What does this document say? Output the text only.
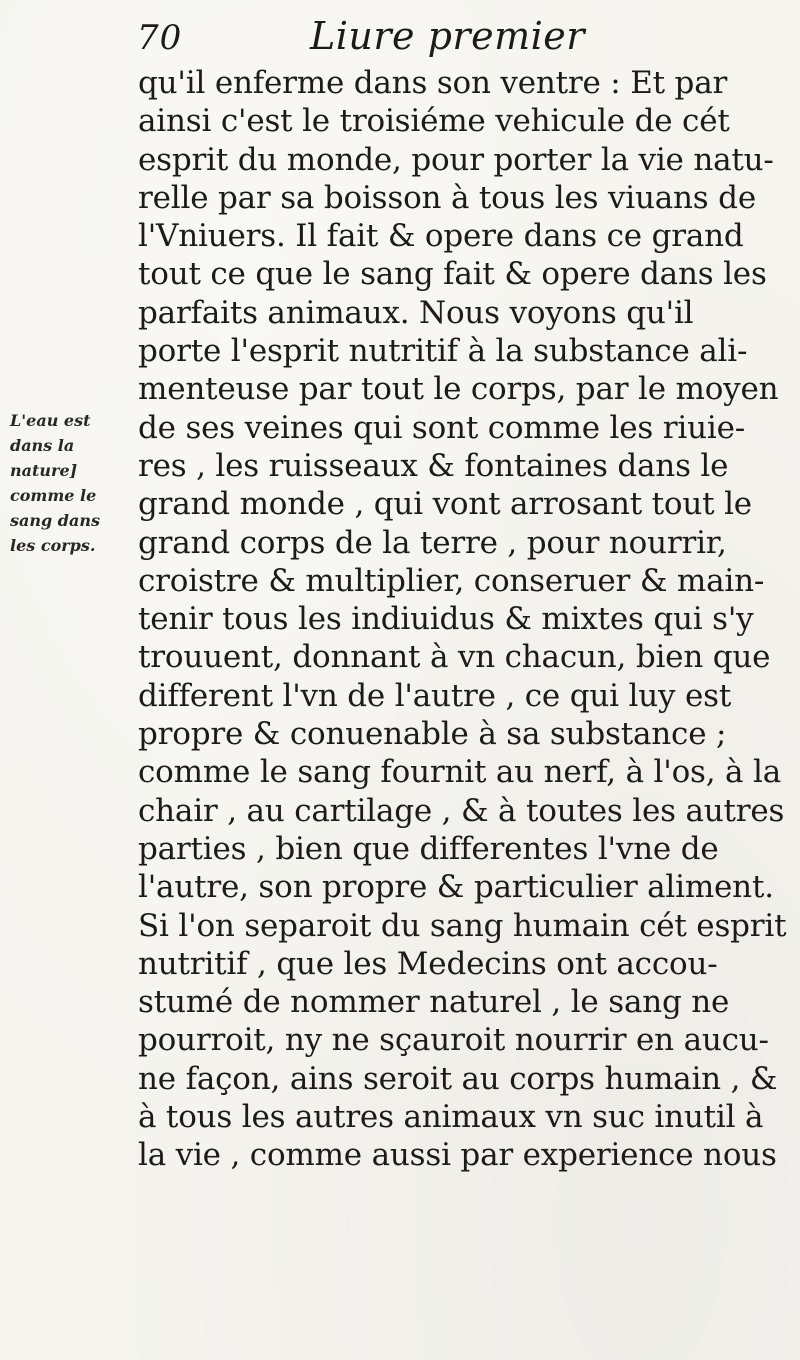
70	Liure premier
L'eau est
dans la
nature]
comme le
sang dans
les corps.
qu'il enferme dans son ventre : Et par
ainsi c'est le troisiéme vehicule de cét
esprit du monde, pour porter la vie natu-
relle par sa boisson à tous les viuans de
l'Vniuers. Il fait & opere dans ce grand
tout ce que le sang fait & opere dans les
parfaits animaux. Nous voyons qu'il
porte l'esprit nutritif à la substance ali-
menteuse par tout le corps, par le moyen
de ses veines qui sont comme les riuie-
res , les ruisseaux & fontaines dans le
grand monde , qui vont arrosant tout le
grand corps de la terre , pour nourrir,
croistre & multiplier, conseruer & main-
tenir tous les indiuidus & mixtes qui s'y
trouuent, donnant à vn chacun, bien que
different l'vn de l'autre , ce qui luy est
propre & conuenable à sa substance ;
comme le sang fournit au nerf, à l'os, à la
chair , au cartilage , & à toutes les autres
parties , bien que differentes l'vne de
l'autre, son propre & particulier aliment.
Si l'on separoit du sang humain cét esprit
nutritif , que les Medecins ont accou-
stumé de nommer naturel , le sang ne
pourroit, ny ne sçauroit nourrir en aucu-
ne façon, ains seroit au corps humain , &
à tous les autres animaux vn suc inutil à
la vie , comme aussi par experience nous
